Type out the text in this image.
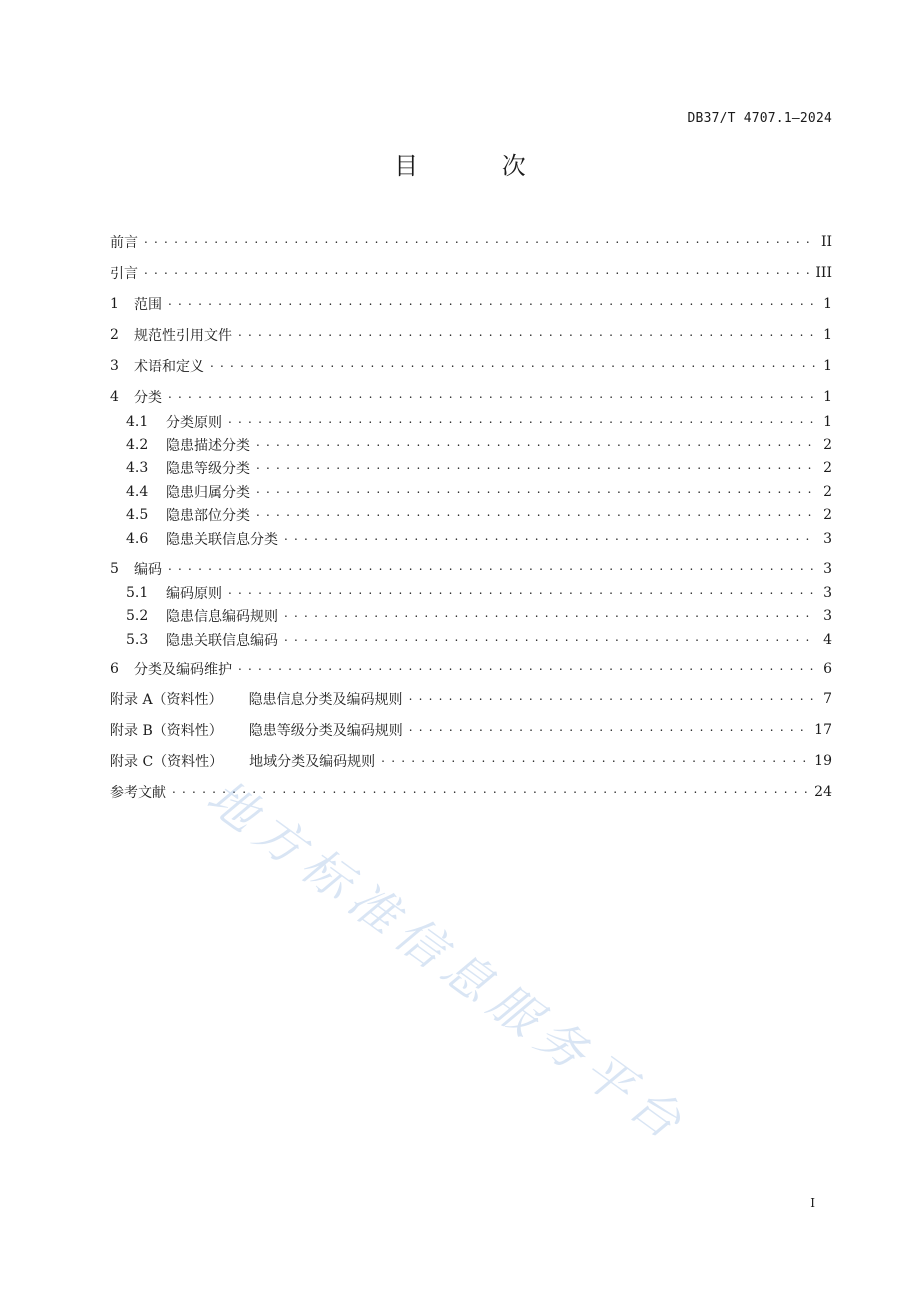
DB37/T 4707.1—2024
目 次
前言 . . .	II
引言 . . .	III
1	范围 . . .	1
2	规范性引用文件 . . .	1
3	术语和定义 . . .	1
4	分类 . . .	1
4.1	分类原则 . . .	1
4.2	隐患描述分类 . . .	2
4.3	隐患等级分类 . . .	2
4.4	隐患归属分类 . . .	2
4.5	隐患部位分类 . . .	2
4.6	隐患关联信息分类 . . .	3
5	编码 . . .	3
5.1	编码原则 . . .	3
5.2	隐患信息编码规则 . . .	3
5.3	隐患关联信息编码 . . .	4
6	分类及编码维护 . . .	6
附录 A（资料性）	隐患信息分类及编码规则 . . .	7
附录 B（资料性）	隐患等级分类及编码规则 . . .	17
附录 C（资料性）	地域分类及编码规则 . . .	19
参考文献 . . .	24
地方标准信息服务平台
I
